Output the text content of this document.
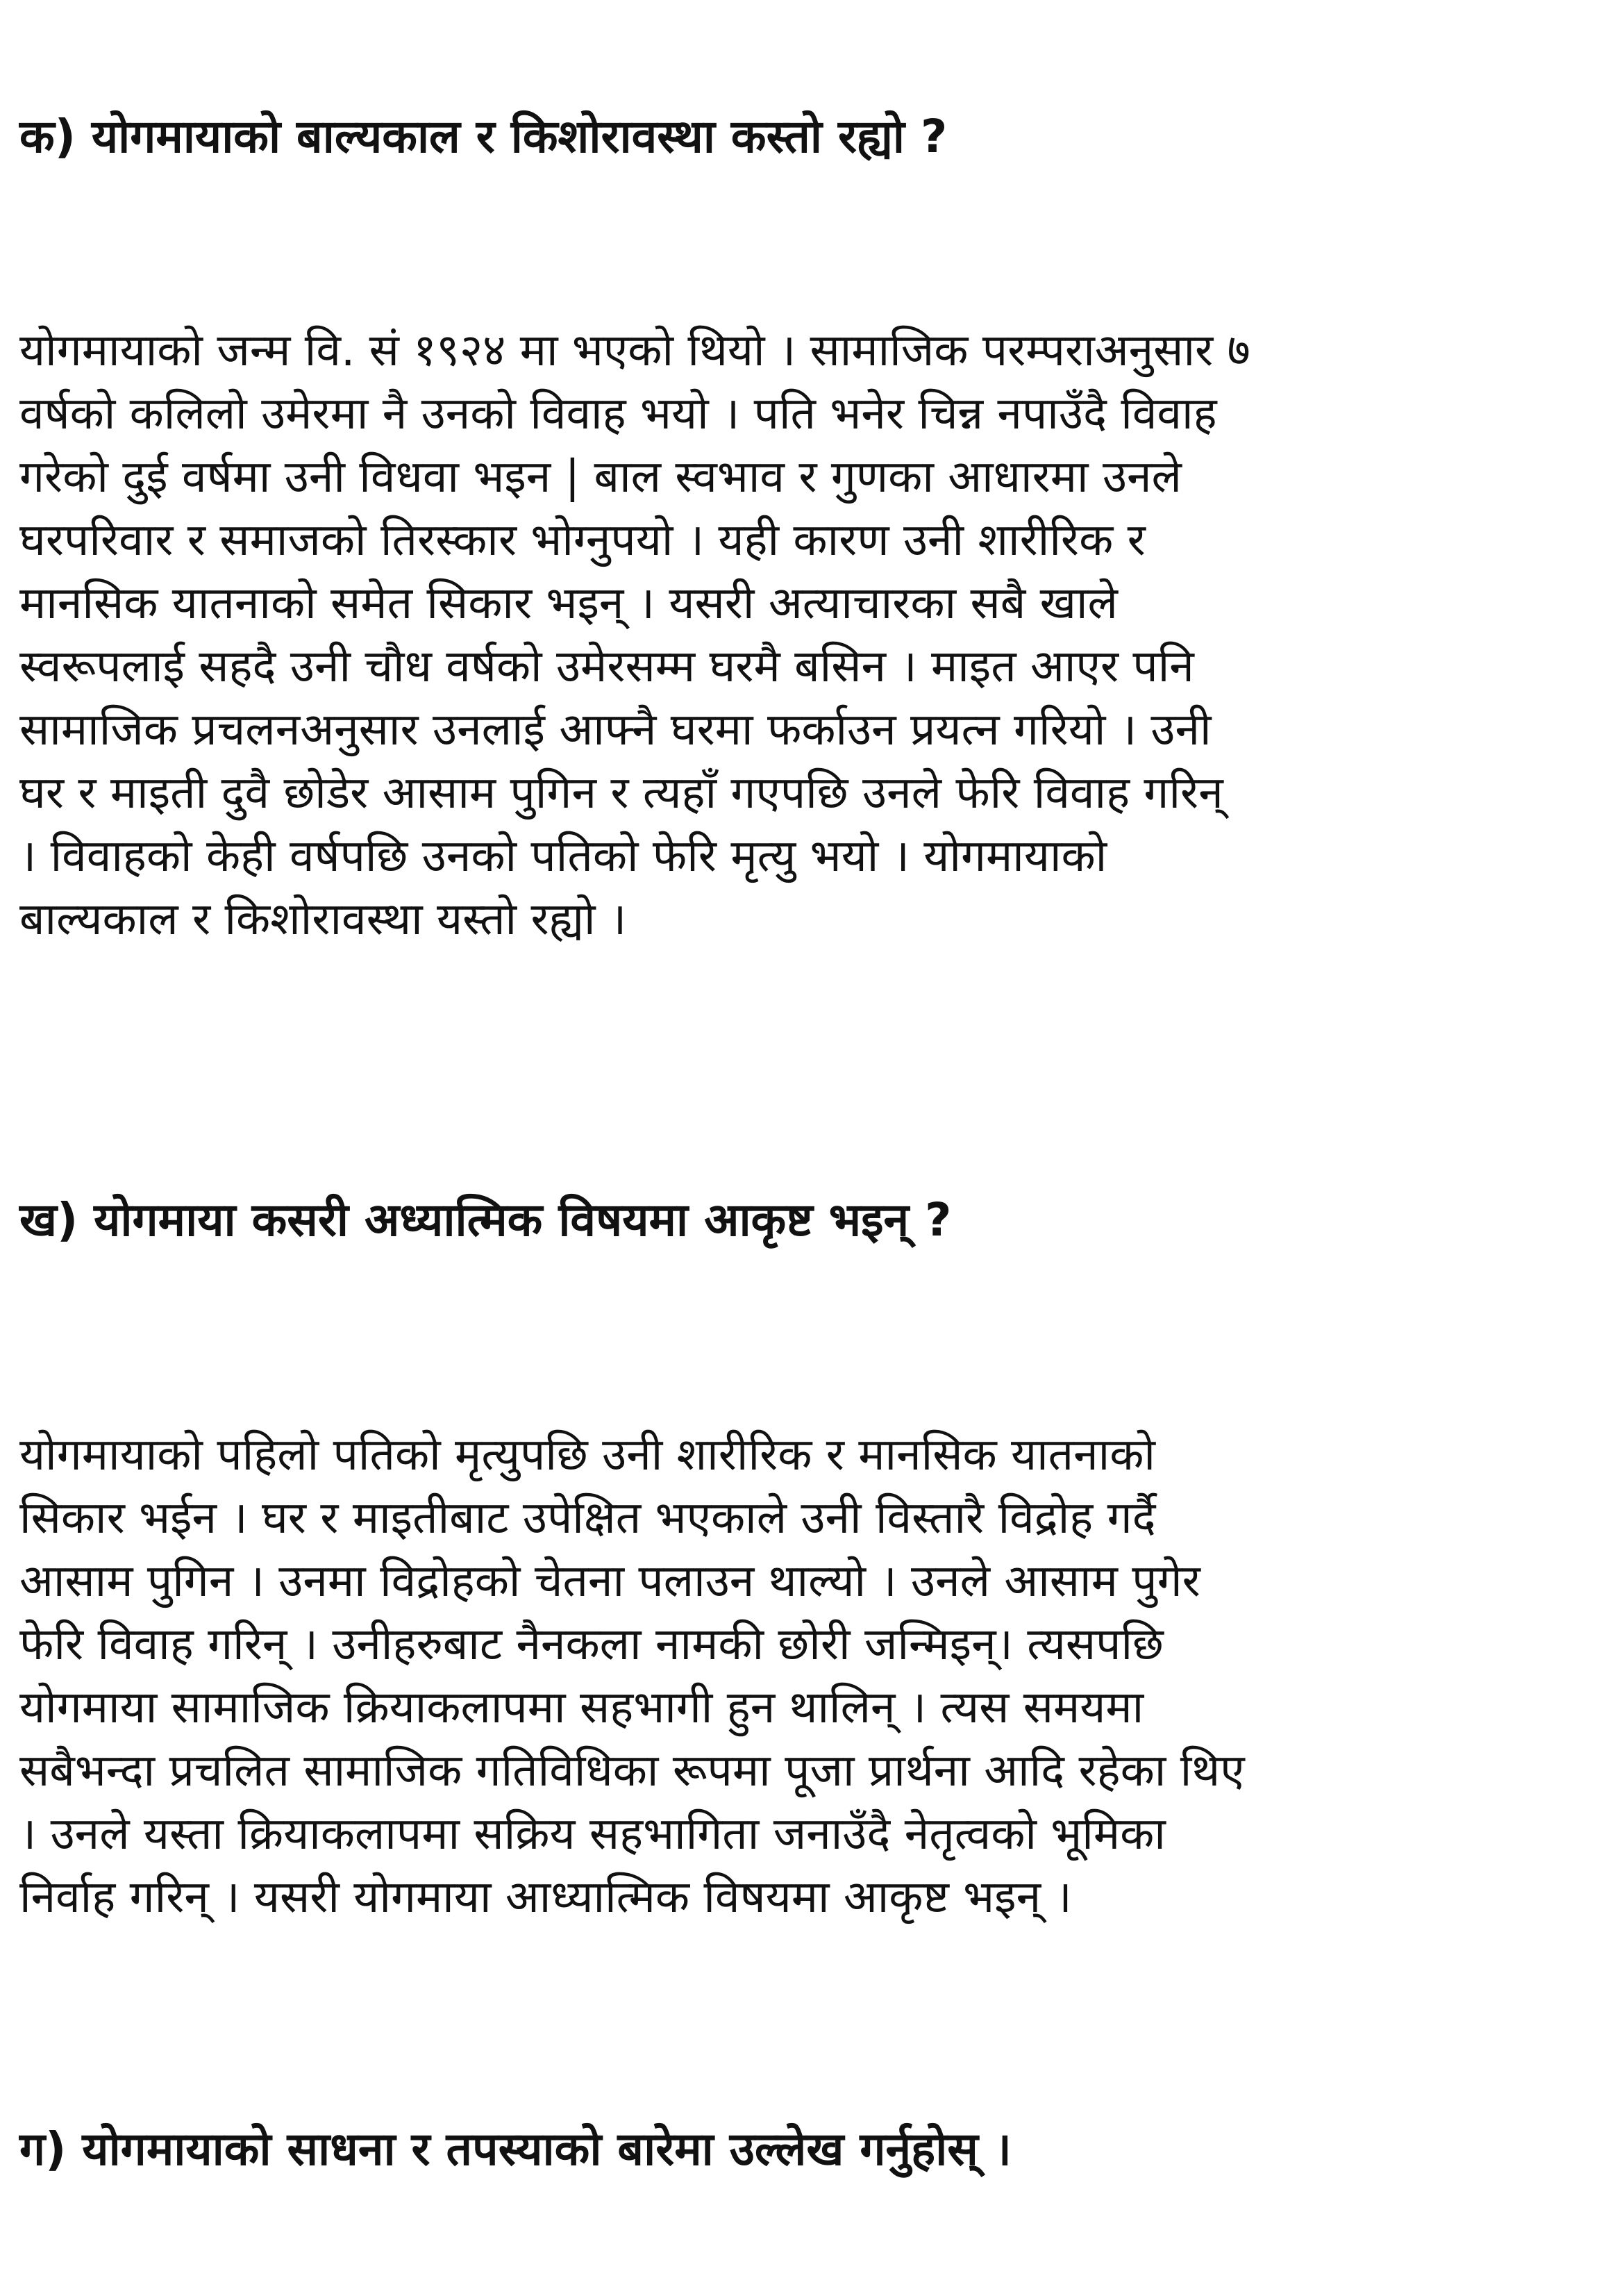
क) योगमायाको बाल्यकाल र किशोरावस्था कस्तो रह्यो ?
योगमायाको जन्म वि. सं १९२४ मा भएको थियो । सामाजिक परम्पराअनुसार ७
वर्षको कलिलो उमेरमा नै उनको विवाह भयो । पति भनेर चिन्न नपाउँदै विवाह
गरेको दुई वर्षमा उनी विधवा भइन | बाल स्वभाव र गुणका आधारमा उनले
घरपरिवार र समाजको तिरस्कार भोग्नुपयो । यही कारण उनी शारीरिक र
मानसिक यातनाको समेत सिकार भइन् । यसरी अत्याचारका सबै खाले
स्वरूपलाई सहदै उनी चौध वर्षको उमेरसम्म घरमै बसिन । माइत आएर पनि
सामाजिक प्रचलनअनुसार उनलाई आफ्नै घरमा फर्काउन प्रयत्न गरियो । उनी
घर र माइती दुवै छोडेर आसाम पुगिन र त्यहाँ गएपछि उनले फेरि विवाह गरिन्
। विवाहको केही वर्षपछि उनको पतिको फेरि मृत्यु भयो । योगमायाको
बाल्यकाल र किशोरावस्था यस्तो रह्यो ।
ख) योगमाया कसरी अध्यात्मिक विषयमा आकृष्ट भइन् ?
योगमायाको पहिलो पतिको मृत्युपछि उनी शारीरिक र मानसिक यातनाको
सिकार भईन । घर र माइतीबाट उपेक्षित भएकाले उनी विस्तारै विद्रोह गर्दै
आसाम पुगिन । उनमा विद्रोहको चेतना पलाउन थाल्यो । उनले आसाम पुगेर
फेरि विवाह गरिन् । उनीहरुबाट नैनकला नामकी छोरी जन्मिइन्। त्यसपछि
योगमाया सामाजिक क्रियाकलापमा सहभागी हुन थालिन् । त्यस समयमा
सबैभन्दा प्रचलित सामाजिक गतिविधिका रूपमा पूजा प्रार्थना आदि रहेका थिए
। उनले यस्ता क्रियाकलापमा सक्रिय सहभागिता जनाउँदै नेतृत्वको भूमिका
निर्वाह गरिन् । यसरी योगमाया आध्यात्मिक विषयमा आकृष्ट भइन् ।
ग) योगमायाको साधना र तपस्याको बारेमा उल्लेख गर्नुहोस् ।
